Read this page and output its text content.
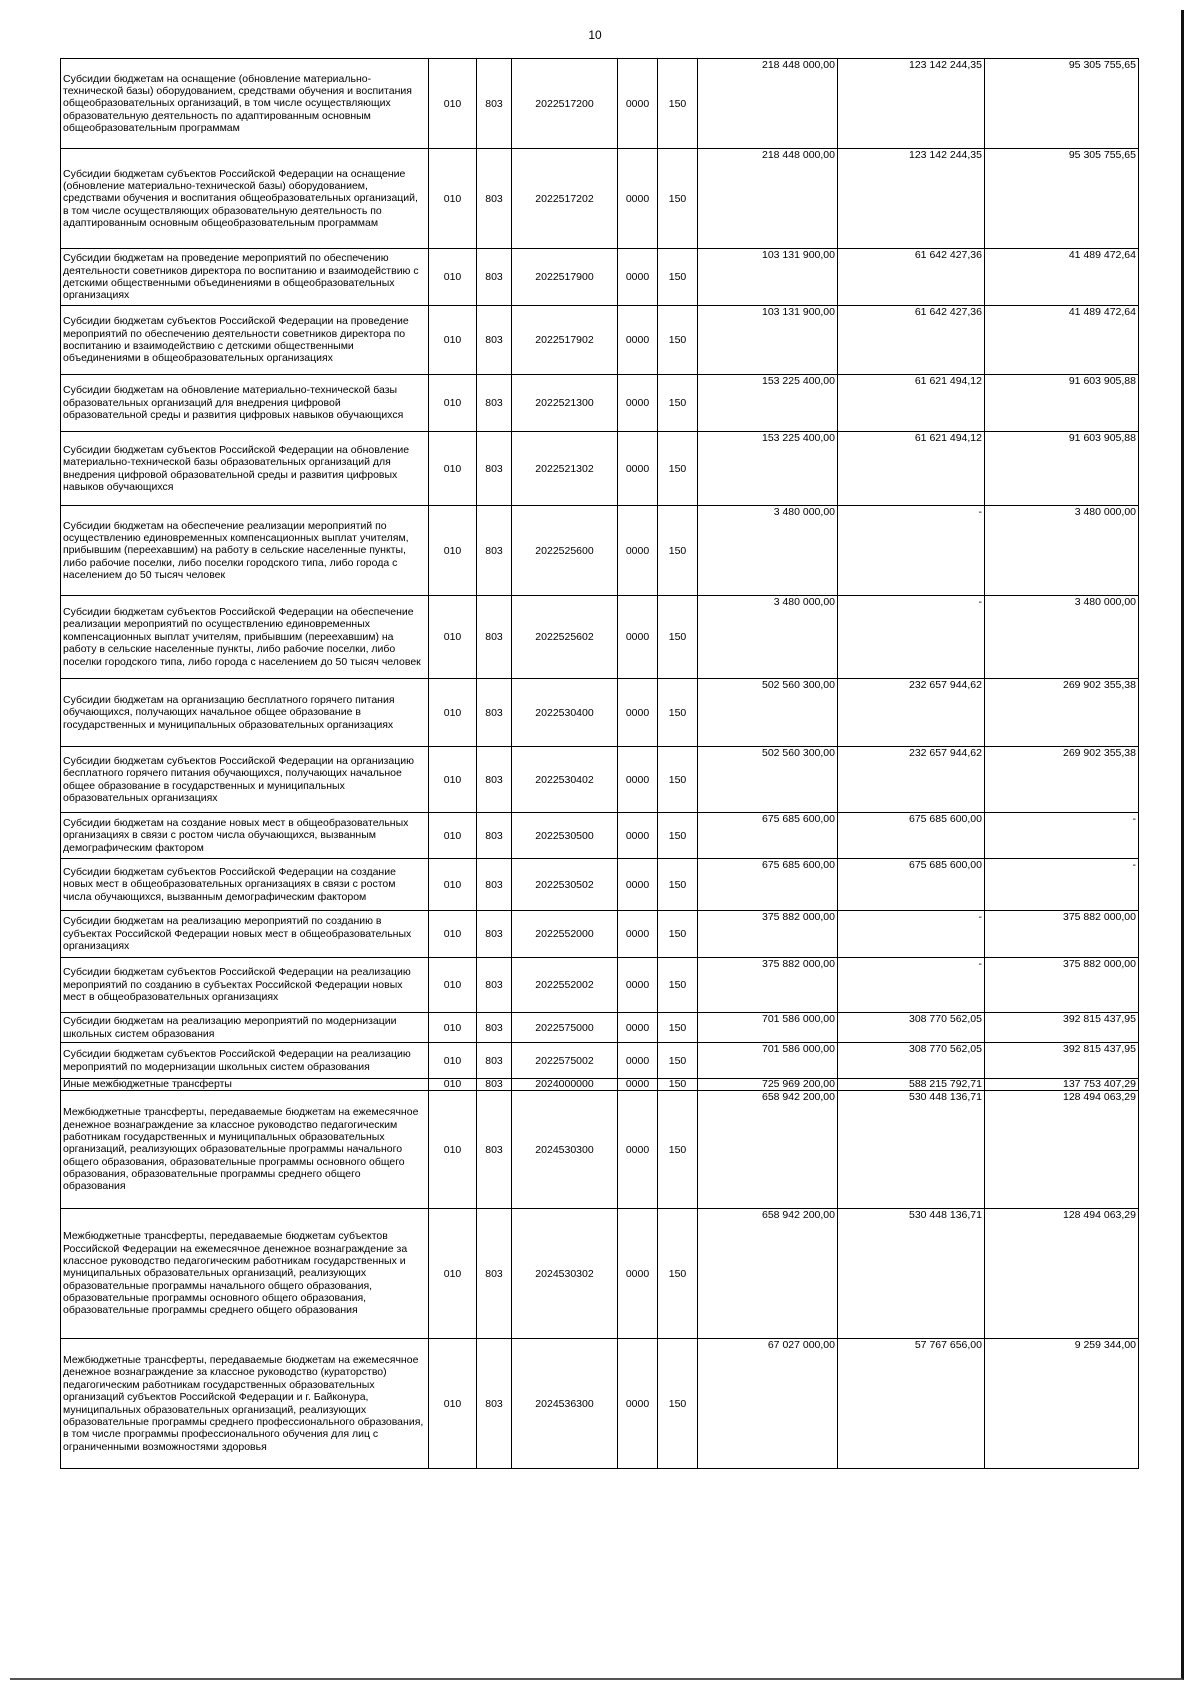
10
Субсидии бюджетам на оснащение (обновление материально-технической базы) оборудованием, средствами обучения и воспитания общеобразовательных организаций, в том числе осуществляющих образовательную деятельность по адаптированным основным общеобразовательным программам	010	803	2022517200	0000	150	218 448 000,00	123 142 244,35	95 305 755,65
Субсидии бюджетам субъектов Российской Федерации на оснащение (обновление материально-технической базы) оборудованием, средствами обучения и воспитания общеобразовательных организаций, в том числе осуществляющих образовательную деятельность по адаптированным основным общеобразовательным программам	010	803	2022517202	0000	150	218 448 000,00	123 142 244,35	95 305 755,65
Субсидии бюджетам на проведение мероприятий по обеспечению деятельности советников директора по воспитанию и взаимодействию с детскими общественными объединениями в общеобразовательных организациях	010	803	2022517900	0000	150	103 131 900,00	61 642 427,36	41 489 472,64
Субсидии бюджетам субъектов Российской Федерации на проведение мероприятий по обеспечению деятельности советников директора по воспитанию и взаимодействию с детскими общественными объединениями в общеобразовательных организациях	010	803	2022517902	0000	150	103 131 900,00	61 642 427,36	41 489 472,64
Субсидии бюджетам на обновление материально-технической базы образовательных организаций для внедрения цифровой образовательной среды и развития цифровых навыков обучающихся	010	803	2022521300	0000	150	153 225 400,00	61 621 494,12	91 603 905,88
Субсидии бюджетам субъектов Российской Федерации на обновление материально-технической базы образовательных организаций для внедрения цифровой образовательной среды и развития цифровых навыков обучающихся	010	803	2022521302	0000	150	153 225 400,00	61 621 494,12	91 603 905,88
Субсидии бюджетам на обеспечение реализации мероприятий по осуществлению единовременных компенсационных выплат учителям, прибывшим (переехавшим) на работу в сельские населенные пункты, либо рабочие поселки, либо поселки городского типа, либо города с населением до 50 тысяч человек	010	803	2022525600	0000	150	3 480 000,00	-	3 480 000,00
Субсидии бюджетам субъектов Российской Федерации на обеспечение реализации мероприятий по осуществлению единовременных компенсационных выплат учителям, прибывшим (переехавшим) на работу в сельские населенные пункты, либо рабочие поселки, либо поселки городского типа, либо города с населением до 50 тысяч человек	010	803	2022525602	0000	150	3 480 000,00	-	3 480 000,00
Субсидии бюджетам на организацию бесплатного горячего питания обучающихся, получающих начальное общее образование в государственных и муниципальных образовательных организациях	010	803	2022530400	0000	150	502 560 300,00	232 657 944,62	269 902 355,38
Субсидии бюджетам субъектов Российской Федерации на организацию бесплатного горячего питания обучающихся, получающих начальное общее образование в государственных и муниципальных образовательных организациях	010	803	2022530402	0000	150	502 560 300,00	232 657 944,62	269 902 355,38
Субсидии бюджетам на создание новых мест в общеобразовательных организациях в связи с ростом числа обучающихся, вызванным демографическим фактором	010	803	2022530500	0000	150	675 685 600,00	675 685 600,00	-
Субсидии бюджетам субъектов Российской Федерации на создание новых мест в общеобразовательных организациях в связи с ростом числа обучающихся, вызванным демографическим фактором	010	803	2022530502	0000	150	675 685 600,00	675 685 600,00	-
Субсидии бюджетам на реализацию мероприятий по созданию в субъектах Российской Федерации новых мест в общеобразовательных организациях	010	803	2022552000	0000	150	375 882 000,00	-	375 882 000,00
Субсидии бюджетам субъектов Российской Федерации на реализацию мероприятий по созданию в субъектах Российской Федерации новых мест в общеобразовательных организациях	010	803	2022552002	0000	150	375 882 000,00	-	375 882 000,00
Субсидии бюджетам на реализацию мероприятий по модернизации школьных систем образования	010	803	2022575000	0000	150	701 586 000,00	308 770 562,05	392 815 437,95
Субсидии бюджетам субъектов Российской Федерации на реализацию мероприятий по модернизации школьных систем образования	010	803	2022575002	0000	150	701 586 000,00	308 770 562,05	392 815 437,95
Иные межбюджетные трансферты	010	803	2024000000	0000	150	725 969 200,00	588 215 792,71	137 753 407,29
Межбюджетные трансферты, передаваемые бюджетам на ежемесячное денежное вознаграждение за классное руководство педагогическим работникам государственных и муниципальных образовательных организаций, реализующих образовательные программы начального общего образования, образовательные программы основного общего образования, образовательные программы среднего общего образования	010	803	2024530300	0000	150	658 942 200,00	530 448 136,71	128 494 063,29
Межбюджетные трансферты, передаваемые бюджетам субъектов Российской Федерации на ежемесячное денежное вознаграждение за классное руководство педагогическим работникам государственных и муниципальных образовательных организаций, реализующих образовательные программы начального общего образования, образовательные программы основного общего образования, образовательные программы среднего общего образования	010	803	2024530302	0000	150	658 942 200,00	530 448 136,71	128 494 063,29
Межбюджетные трансферты, передаваемые бюджетам на ежемесячное денежное вознаграждение за классное руководство (кураторство) педагогическим работникам государственных образовательных организаций субъектов Российской Федерации и г. Байконура, муниципальных образовательных организаций, реализующих образовательные программы среднего профессионального образования, в том числе программы профессионального обучения для лиц с ограниченными возможностями здоровья	010	803	2024536300	0000	150	67 027 000,00	57 767 656,00	9 259 344,00
